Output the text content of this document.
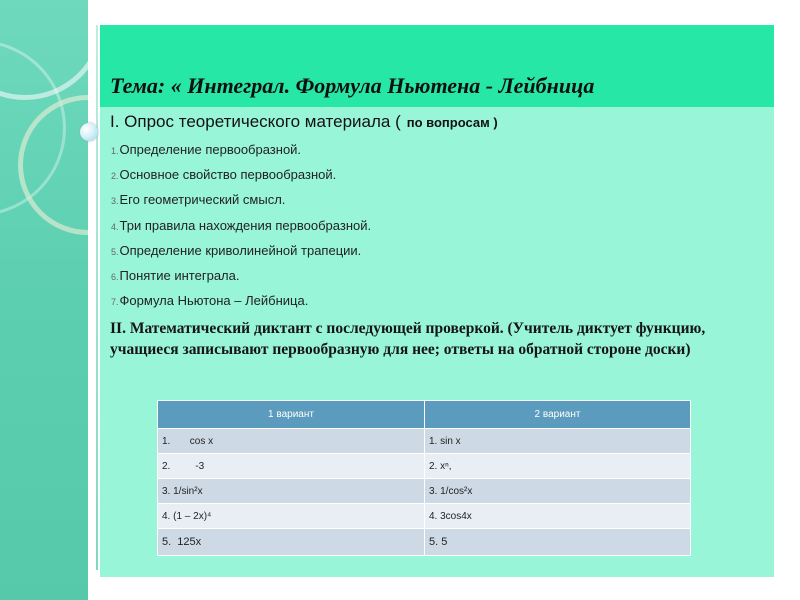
Тема: « Интеграл. Формула Ньютена - Лейбница

I. Опрос теоретического материала ( по вопросам )

1.Определение первообразной.
2.Основное свойство первообразной.
3.Его геометрический смысл.
4.Три правила нахождения первообразной.
5.Определение криволинейной трапеции.
6.Понятие интеграла.
7.Формула Ньютона – Лейбница.

II. Математический диктант с последующей проверкой. (Учитель диктует функцию, учащиеся записывают первообразную для нее; ответы на обратной стороне доски)

1 вариант	2 вариант
1.       cos x	1. sin x
2.         -3	2. xⁿ,
3. 1/sin²x	3. 1/cos²x
4. (1 – 2x)⁴	4. 3cos4x
5.  125x	5. 5
